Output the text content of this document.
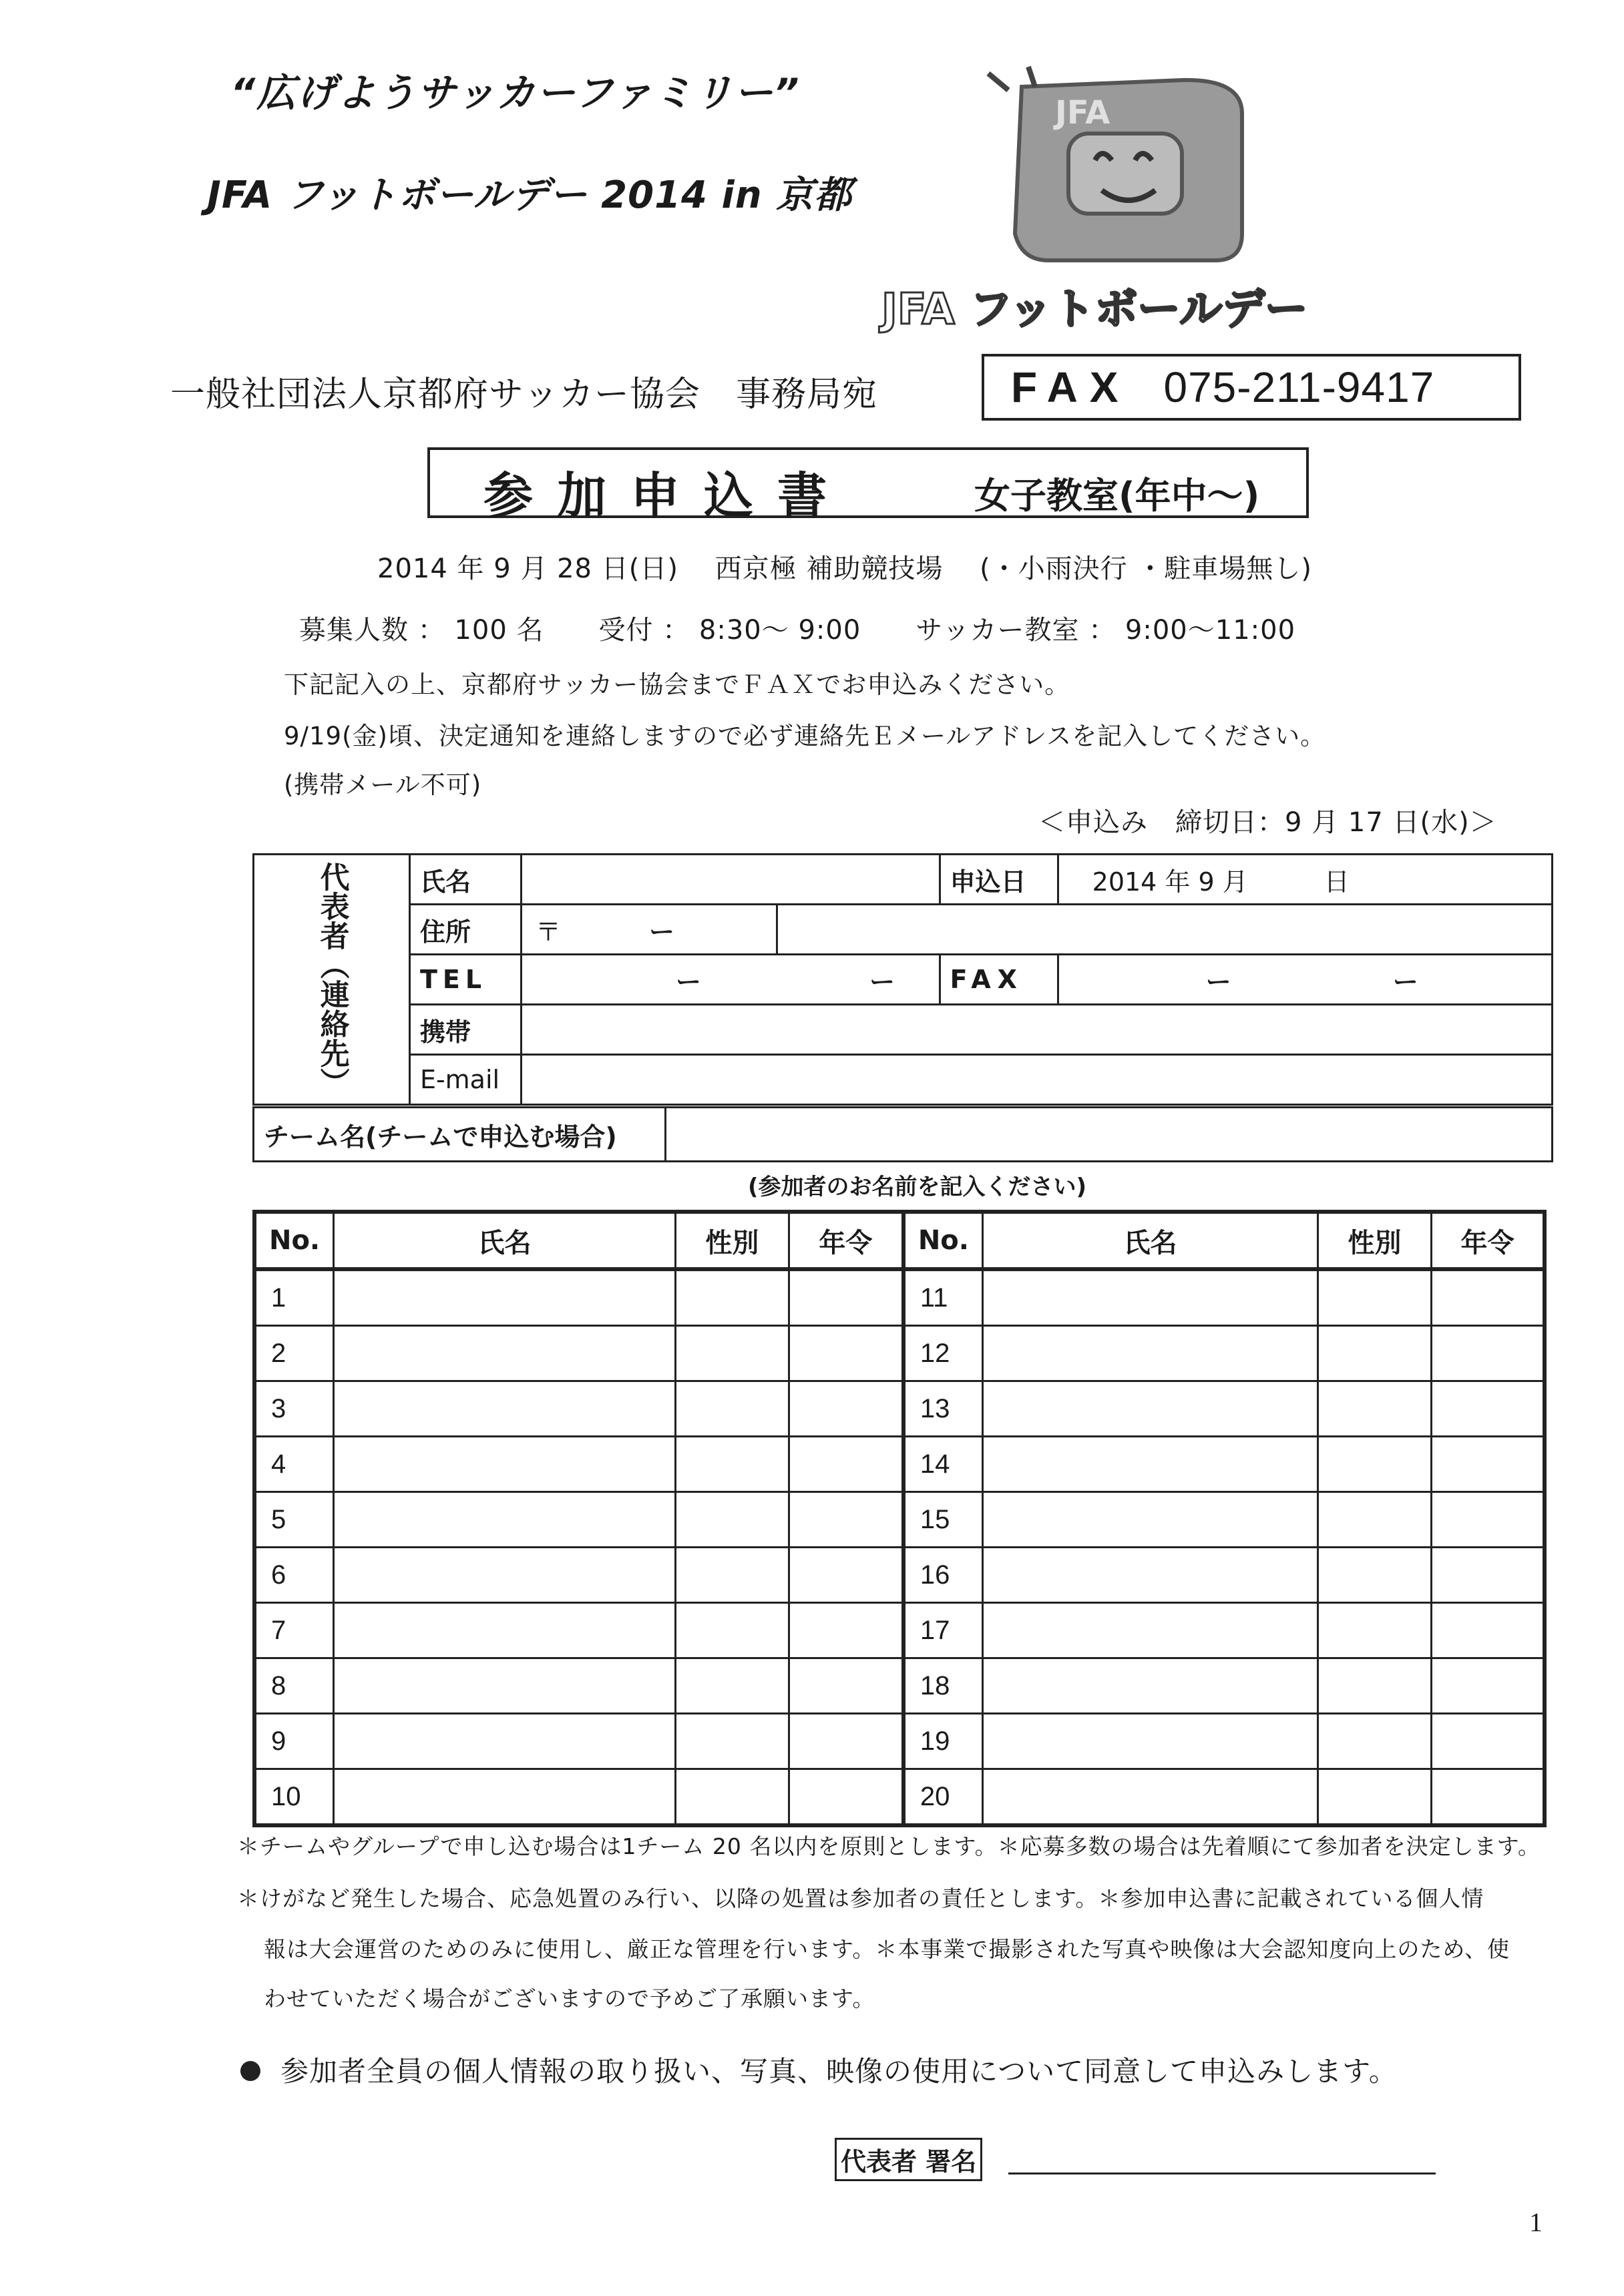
“広げようサッカーファミリー”
JFA フットボールデー 2014 in 京都
JFA
JFA フットボールデー
一般社団法人京都府サッカー協会　事務局宛	FAX 075-211-9417
参加申込書	女子教室(年中～)
2014 年 9 月 28 日(日)　 西京極 補助競技場　 (・小雨決行 ・駐車場無し)
募集人数 ： 100 名　　受付 ： 8:30～ 9:00　　サッカー教室 ： 9:00～11:00
下記記入の上、京都府サッカー協会までＦＡＸでお申込みください。
9/19(金)頃、決定通知を連絡しますので必ず連絡先Ｅメールアドレスを記入してください。
(携帯メール不可)
＜申込み　締切日：9 月 17 日(水)＞
代表者（連絡先）	氏名			申込日	2014 年 9 月　　　日
	住所	〒 ー			
	TEL	ー ー		FAX	ー ー
	携帯				
	E-mail				
チーム名(チームで申込む場合)	
(参加者のお名前を記入ください)
No.	氏名	性別	年令	No.	氏名	性別	年令
1				11			
2				12			
3				13			
4				14			
5				15			
6				16			
7				17			
8				18			
9				19			
10				20			
＊チームやグループで申し込む場合は1チーム 20 名以内を原則とします。＊応募多数の場合は先着順にて参加者を決定します。
＊けがなど発生した場合、応急処置のみ行い、以降の処置は参加者の責任とします。＊参加申込書に記載されている個人情
報は大会運営のためのみに使用し、厳正な管理を行います。＊本事業で撮影された写真や映像は大会認知度向上のため、使
わせていただく場合がございますので予めご了承願います。
参加者全員の個人情報の取り扱い、写真、映像の使用について同意して申込みします。
代表者 署名
1
